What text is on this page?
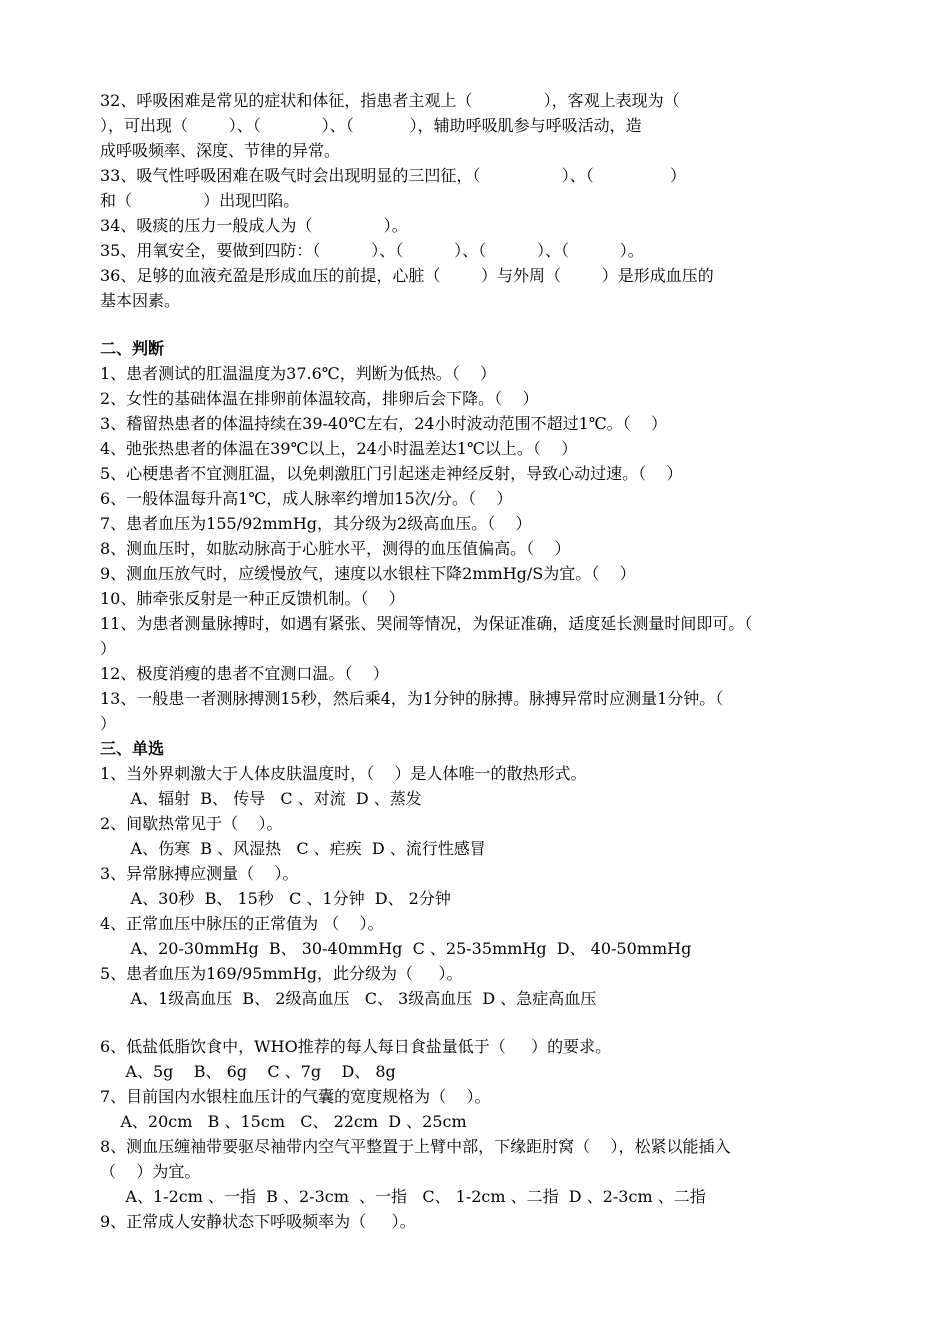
32、呼吸困难是常见的症状和体征，指患者主观上（              ），客观上表现为（
），可出现（        ）、（            ）、（           ），辅助呼吸肌参与呼吸活动，造
成呼吸频率、深度、节律的异常。
33、吸气性呼吸困难在吸气时会出现明显的三凹征，（                ）、（               ）
和（              ）出现凹陷。
34、吸痰的压力一般成人为（              ）。
35、用氧安全，要做到四防：（          ）、（          ）、（          ）、（          ）。
36、足够的血液充盈是形成血压的前提，心脏（        ）与外周（        ）是形成血压的
基本因素。
二、判断
1、患者测试的肛温温度为37.6℃，判断为低热。（    ）
2、女性的基础体温在排卵前体温较高，排卵后会下降。（    ）
3、稽留热患者的体温持续在39-40℃左右，24小时波动范围不超过1℃。（    ）
4、弛张热患者的体温在39℃以上，24小时温差达1℃以上。（    ）
5、心梗患者不宜测肛温，以免刺激肛门引起迷走神经反射，导致心动过速。（    ）
6、一般体温每升高1℃，成人脉率约增加15次/分。（    ）
7、患者血压为155/92mmHg，其分级为2级高血压。（    ）
8、测血压时，如肱动脉高于心脏水平，测得的血压值偏高。（    ）
9、测血压放气时，应缓慢放气，速度以水银柱下降2mmHg/S为宜。（    ）
10、肺牵张反射是一种正反馈机制。（    ）
11、为患者测量脉搏时，如遇有紧张、哭闹等情况，为保证准确，适度延长测量时间即可。（
）
12、极度消瘦的患者不宜测口温。（    ）
13、一般患一者测脉搏测15秒，然后乘4，为1分钟的脉搏。脉搏异常时应测量1分钟。（
）
三、单选
1、当外界刺激大于人体皮肤温度时，（    ）是人体唯一的散热形式。
A、辐射  B、 传导   C 、对流  D 、蒸发
2、间歇热常见于（    ）。
A、伤寒  B 、风湿热   C 、疟疾  D 、流行性感冒
3、异常脉搏应测量（    ）。
A、30秒  B、 15秒   C 、1分钟  D、 2分钟
4、正常血压中脉压的正常值为 （    ）。
A、20-30mmHg  B、 30-40mmHg  C 、25-35mmHg  D、 40-50mmHg
5、患者血压为169/95mmHg，此分级为（     ）。
A、1级高血压  B、 2级高血压   C、 3级高血压  D 、急症高血压
6、低盐低脂饮食中，WHO推荐的每人每日食盐量低于（     ）的要求。
A、5g    B、 6g    C 、7g    D、 8g
7、目前国内水银柱血压计的气囊的宽度规格为（    ）。
A、20cm   B 、15cm   C、 22cm  D 、25cm
8、测血压缠袖带要驱尽袖带内空气平整置于上臂中部，下缘距肘窝（    ），松紧以能插入
（    ）为宜。
A、1-2cm 、一指  B 、2-3cm  、一指   C、 1-2cm 、二指  D 、2-3cm 、二指
9、正常成人安静状态下呼吸频率为（     ）。
